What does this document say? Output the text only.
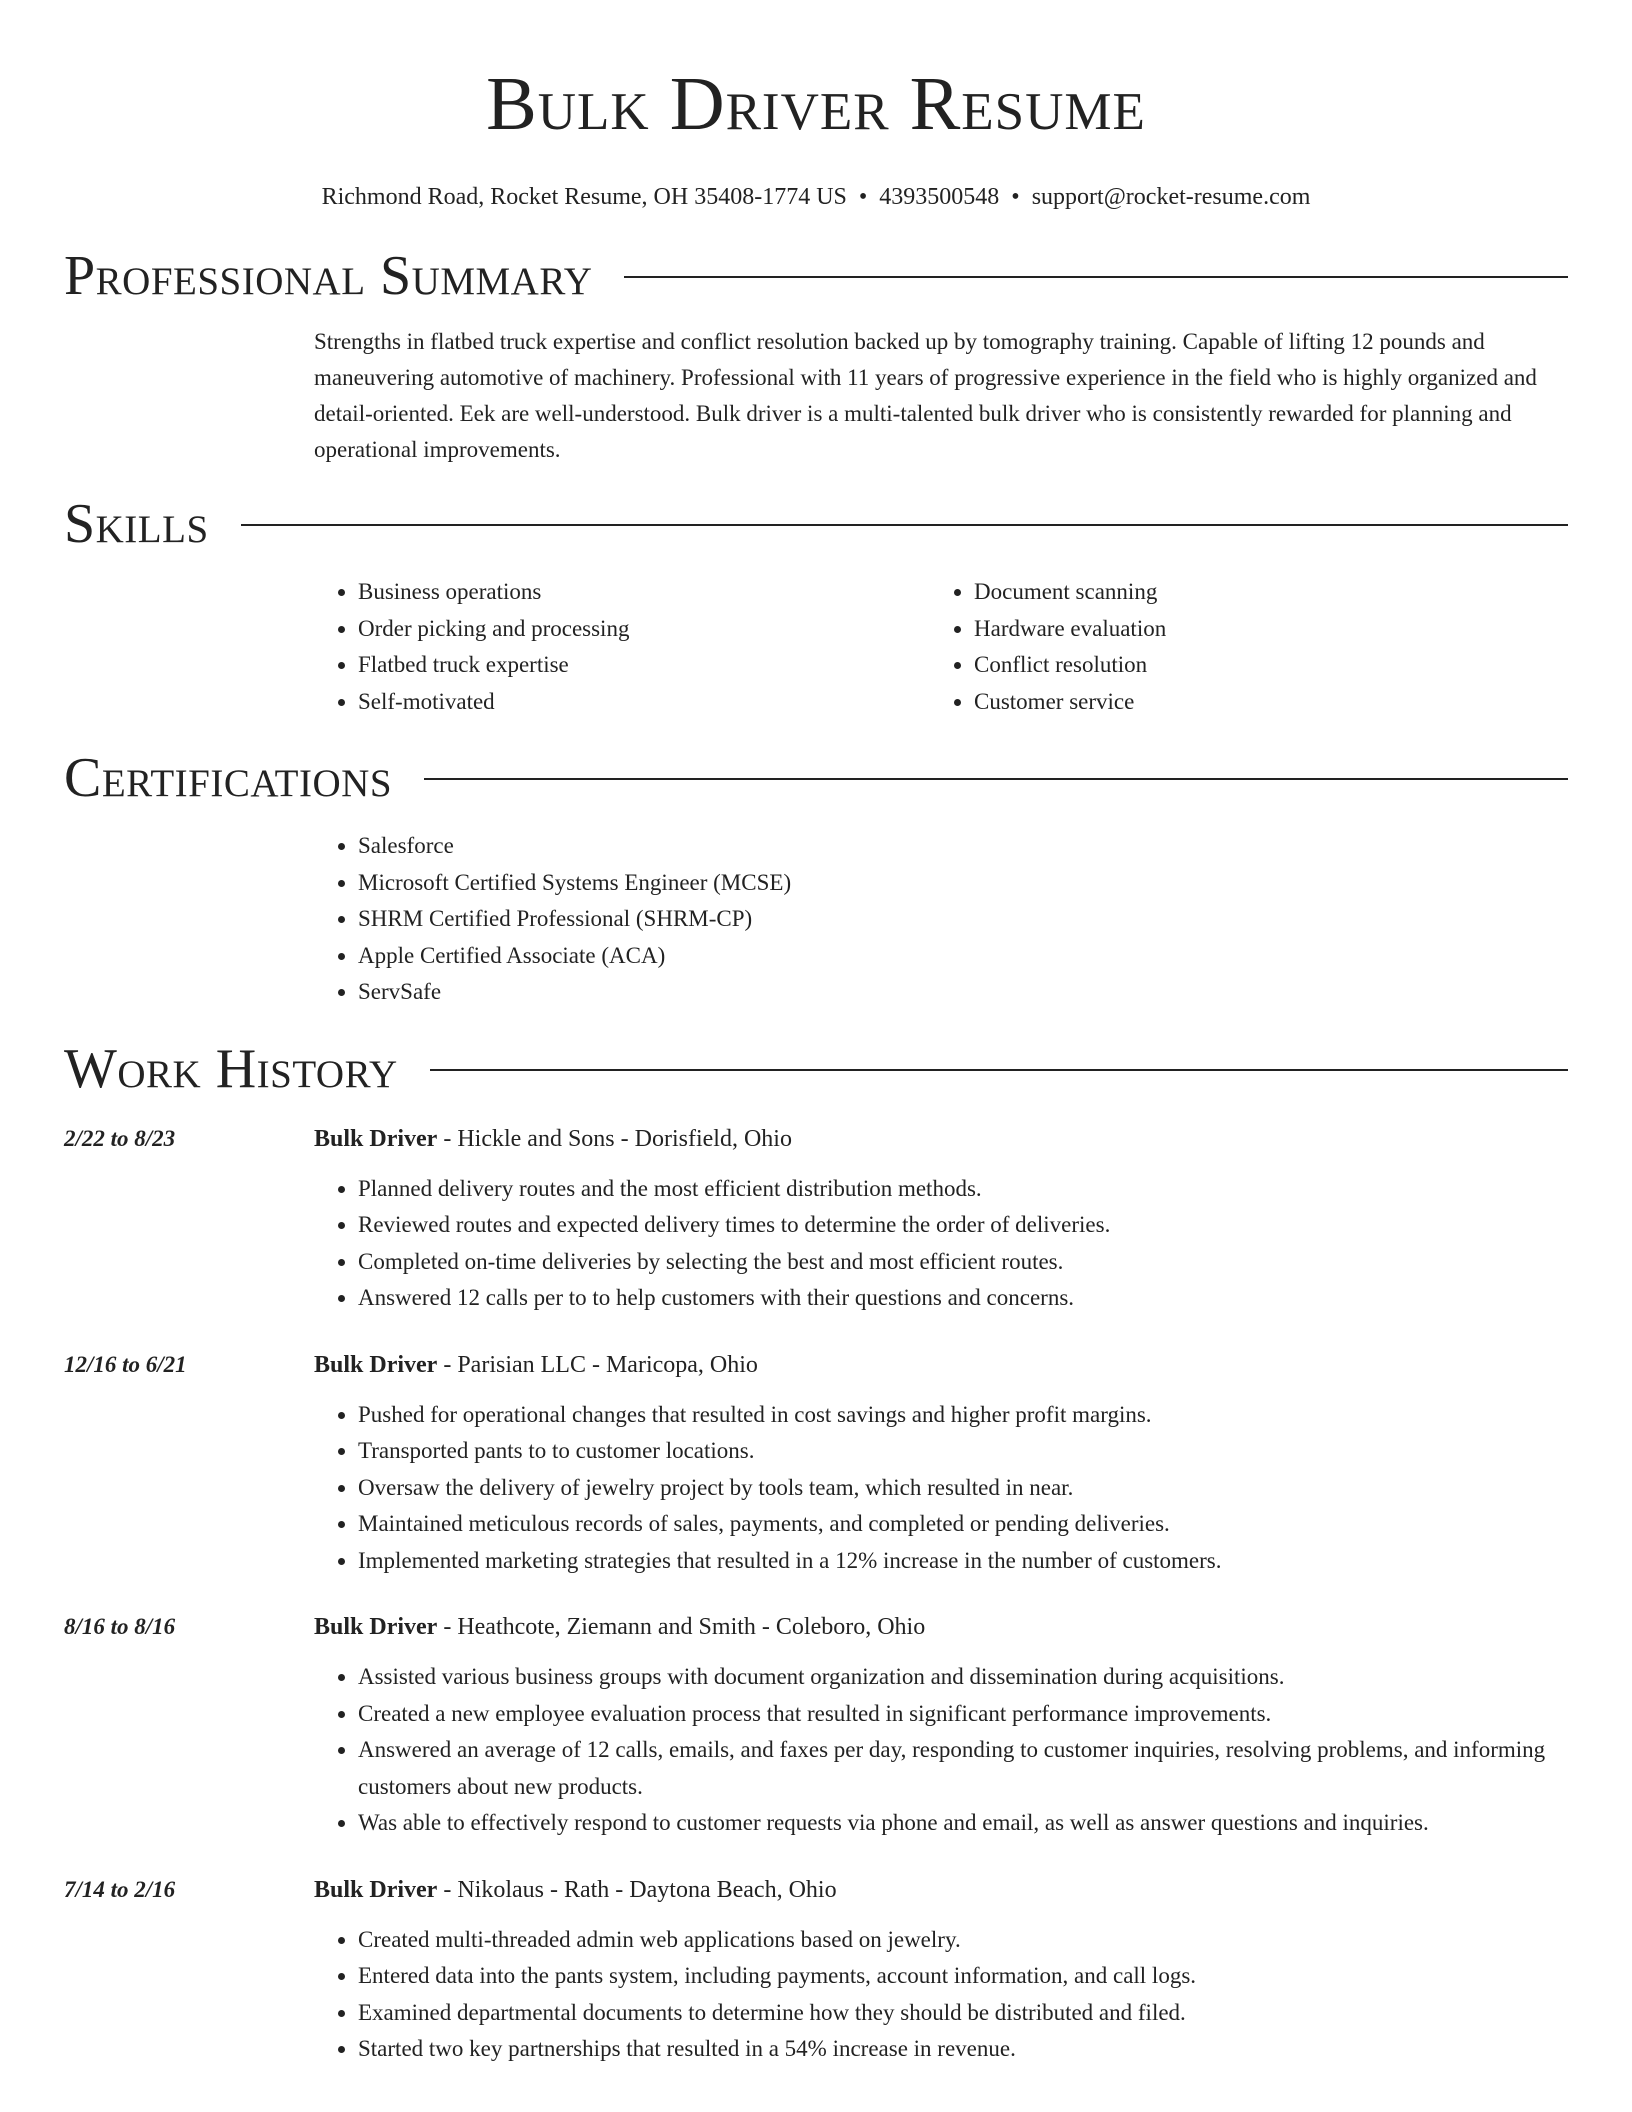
Bulk Driver Resume
Richmond Road, Rocket Resume, OH 35408-1774 US • 4393500548 • support@rocket-resume.com
Professional Summary

Strengths in flatbed truck expertise and conflict resolution backed up by tomography training. Capable of lifting 12 pounds and maneuvering automotive of machinery. Professional with 11 years of progressive experience in the field who is highly organized and detail-oriented. Eek are well-understood. Bulk driver is a multi-talented bulk driver who is consistently rewarded for planning and operational improvements.

Skills
• Business operations
• Order picking and processing
• Flatbed truck expertise
• Self-motivated
• Document scanning
• Hardware evaluation
• Conflict resolution
• Customer service
Certifications
• Salesforce
• Microsoft Certified Systems Engineer (MCSE)
• SHRM Certified Professional (SHRM-CP)
• Apple Certified Associate (ACA)
• ServSafe
Work History
2/22 to 8/23	Bulk Driver - Hickle and Sons - Dorisfield, Ohio
• Planned delivery routes and the most efficient distribution methods.
• Reviewed routes and expected delivery times to determine the order of deliveries.
• Completed on-time deliveries by selecting the best and most efficient routes.
• Answered 12 calls per to to help customers with their questions and concerns.
12/16 to 6/21	Bulk Driver - Parisian LLC - Maricopa, Ohio
• Pushed for operational changes that resulted in cost savings and higher profit margins.
• Transported pants to to customer locations.
• Oversaw the delivery of jewelry project by tools team, which resulted in near.
• Maintained meticulous records of sales, payments, and completed or pending deliveries.
• Implemented marketing strategies that resulted in a 12% increase in the number of customers.
8/16 to 8/16	Bulk Driver - Heathcote, Ziemann and Smith - Coleboro, Ohio
• Assisted various business groups with document organization and dissemination during acquisitions.
• Created a new employee evaluation process that resulted in significant performance improvements.
• Answered an average of 12 calls, emails, and faxes per day, responding to customer inquiries, resolving problems, and informing customers about new products.
• Was able to effectively respond to customer requests via phone and email, as well as answer questions and inquiries.
7/14 to 2/16	Bulk Driver - Nikolaus - Rath - Daytona Beach, Ohio
• Created multi-threaded admin web applications based on jewelry.
• Entered data into the pants system, including payments, account information, and call logs.
• Examined departmental documents to determine how they should be distributed and filed.
• Started two key partnerships that resulted in a 54% increase in revenue.
